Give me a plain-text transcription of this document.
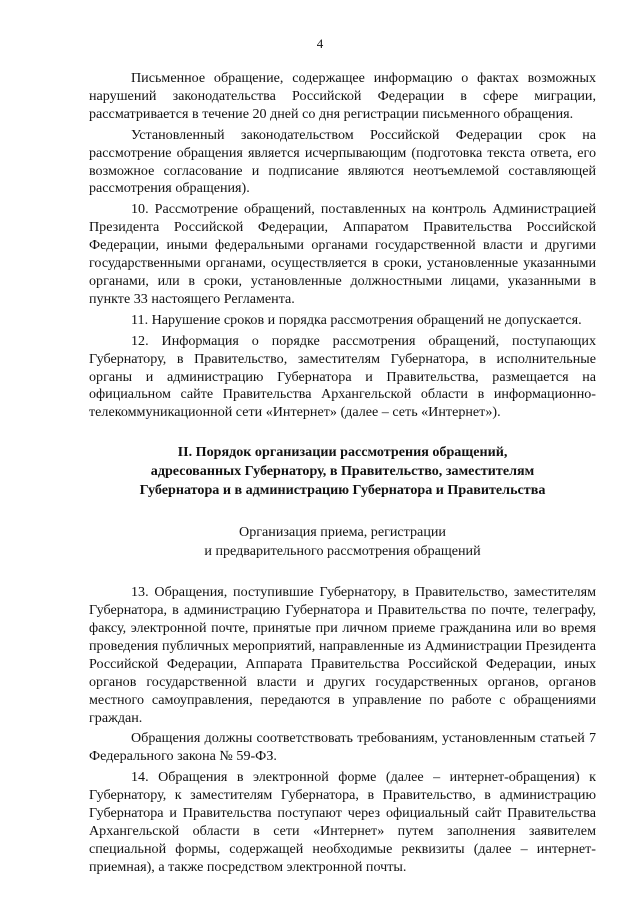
4

Письменное обращение, содержащее информацию о фактах возможных нарушений законодательства Российской Федерации в сфере миграции, рассматривается в течение 20 дней со дня регистрации письменного обращения.

Установленный законодательством Российской Федерации срок на рассмотрение обращения является исчерпывающим (подготовка текста ответа, его возможное согласование и подписание являются неотъемлемой составляющей рассмотрения обращения).

10. Рассмотрение обращений, поставленных на контроль Администрацией Президента Российской Федерации, Аппаратом Правительства Российской Федерации, иными федеральными органами государственной власти и другими государственными органами, осуществляется в сроки, установленные указанными органами, или в сроки, установленные должностными лицами, указанными в пункте 33 настоящего Регламента.

11. Нарушение сроков и порядка рассмотрения обращений не допускается.

12. Информация о порядке рассмотрения обращений, поступающих Губернатору, в Правительство, заместителям Губернатора, в исполнительные органы и администрацию Губернатора и Правительства, размещается на официальном сайте Правительства Архангельской области в информационно-телекоммуникационной сети «Интернет» (далее – сеть «Интернет»).

II. Порядок организации рассмотрения обращений,
адресованных Губернатору, в Правительство, заместителям
Губернатора и в администрацию Губернатора и Правительства
Организация приема, регистрации
и предварительного рассмотрения обращений

13. Обращения, поступившие Губернатору, в Правительство, заместителям Губернатора, в администрацию Губернатора и Правительства по почте, телеграфу, факсу, электронной почте, принятые при личном приеме гражданина или во время проведения публичных мероприятий, направленные из Администрации Президента Российской Федерации, Аппарата Правительства Российской Федерации, иных органов государственной власти и других государственных органов, органов местного самоуправления, передаются в управление по работе с обращениями граждан.

Обращения должны соответствовать требованиям, установленным статьей 7 Федерального закона № 59-ФЗ.

14. Обращения в электронной форме (далее – интернет-обращения) к Губернатору, к заместителям Губернатора, в Правительство, в администрацию Губернатора и Правительства поступают через официальный сайт Правительства Архангельской области в сети «Интернет» путем заполнения заявителем специальной формы, содержащей необходимые реквизиты (далее – интернет-приемная), а также посредством электронной почты.
